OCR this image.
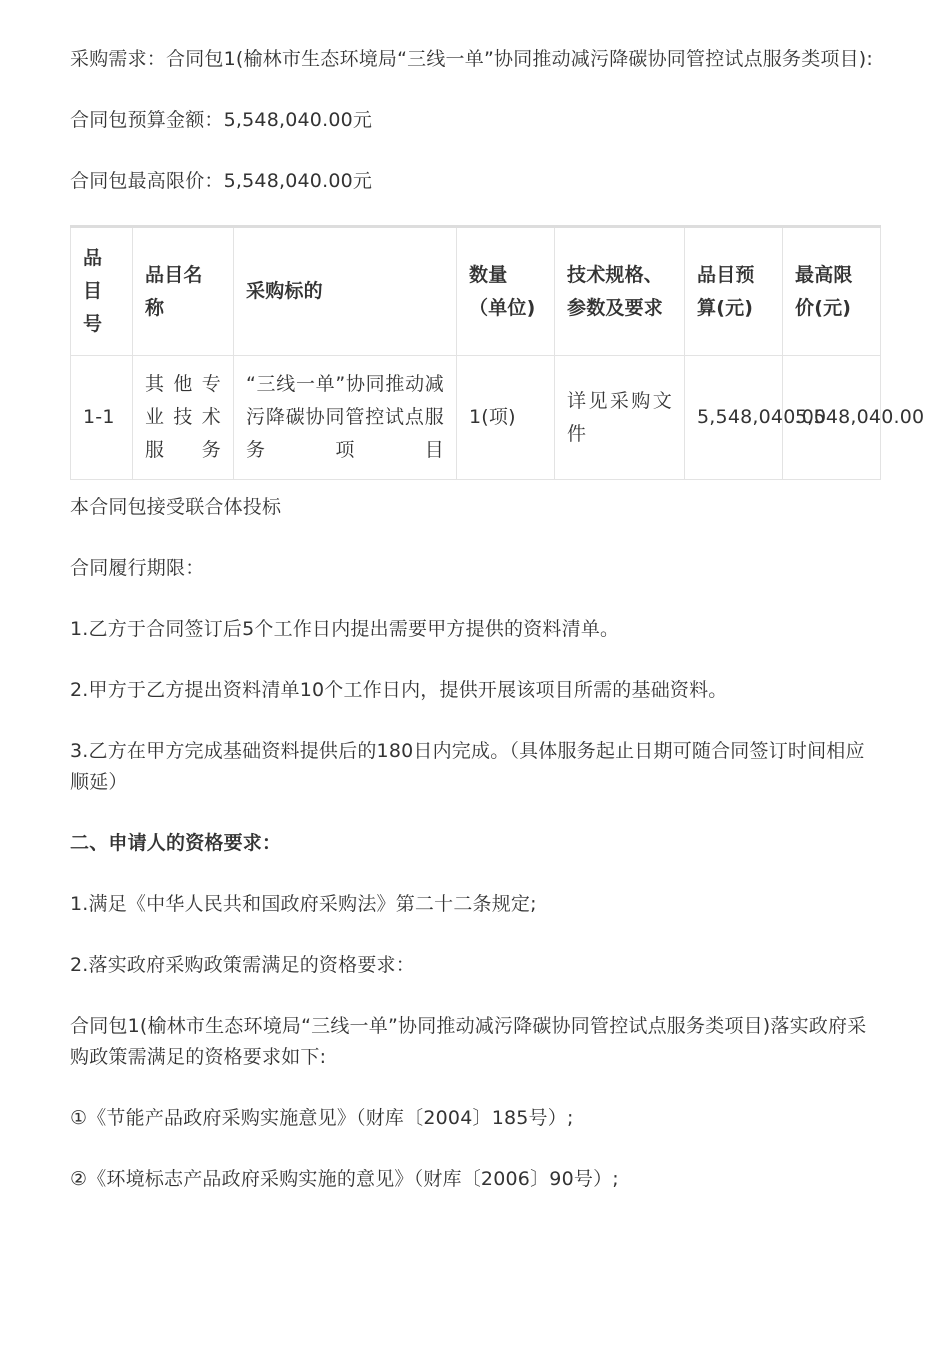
采购需求：合同包1(榆林市生态环境局“三线一单”协同推动减污降碳协同管控试点服务类项目):

合同包预算金额：5,548,040.00元

合同包最高限价：5,548,040.00元

品目号	品目名称	采购标的	数量（单位)	技术规格、参数及要求	品目预算(元)	最高限价(元)
1-1	其他专业技术服务	“三线一单”协同推动减污降碳协同管控试点服务项目	1(项)	详见采购文件	5,548,040.00	5,548,040.00

本合同包接受联合体投标

合同履行期限：

1.乙方于合同签订后5个工作日内提出需要甲方提供的资料清单。

2.甲方于乙方提出资料清单10个工作日内，提供开展该项目所需的基础资料。

3.乙方在甲方完成基础资料提供后的180日内完成。（具体服务起止日期可随合同签订时间相应顺延）

二、申请人的资格要求：

1.满足《中华人民共和国政府采购法》第二十二条规定;

2.落实政府采购政策需满足的资格要求：

合同包1(榆林市生态环境局“三线一单”协同推动减污降碳协同管控试点服务类项目)落实政府采购政策需满足的资格要求如下:

①《节能产品政府采购实施意见》（财库〔2004〕185号）;

②《环境标志产品政府采购实施的意见》（财库〔2006〕90号）;
